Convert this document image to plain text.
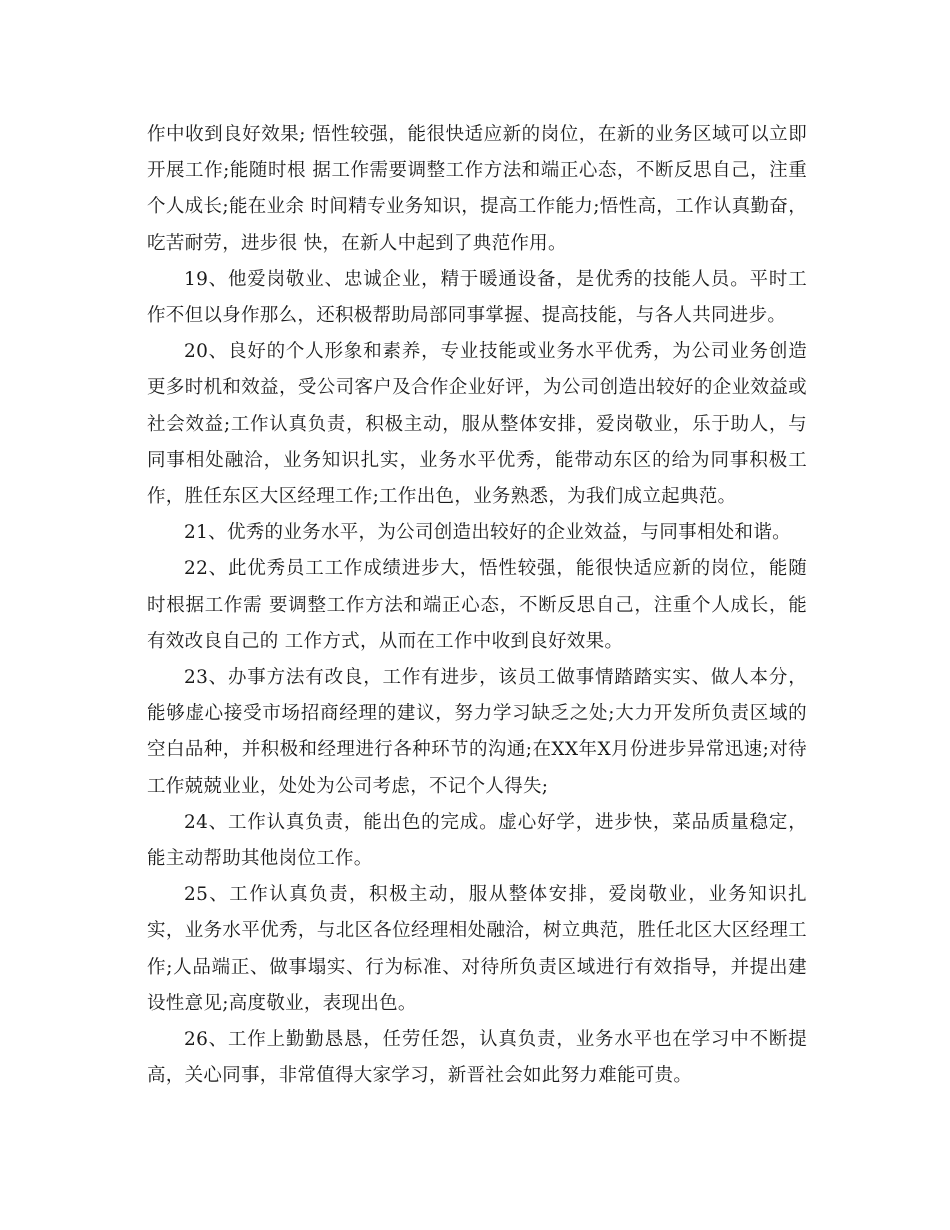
作中收到良好效果; 悟性较强，能很快适应新的岗位，在新的业务区域可以立即开展工作;能随时根 据工作需要调整工作方法和端正心态，不断反思自己，注重个人成长;能在业余 时间精专业务知识，提高工作能力;悟性高，工作认真勤奋，吃苦耐劳，进步很 快，在新人中起到了典范作用。

19、他爱岗敬业、忠诚企业，精于暖通设备，是优秀的技能人员。平时工作不但以身作那么，还积极帮助局部同事掌握、提高技能，与各人共同进步。

20、良好的个人形象和素养，专业技能或业务水平优秀，为公司业务创造更多时机和效益，受公司客户及合作企业好评，为公司创造出较好的企业效益或社会效益;工作认真负责，积极主动，服从整体安排，爱岗敬业，乐于助人，与同事相处融洽，业务知识扎实，业务水平优秀，能带动东区的给为同事积极工作，胜任东区大区经理工作;工作出色，业务熟悉，为我们成立起典范。

21、优秀的业务水平，为公司创造出较好的企业效益，与同事相处和谐。

22、此优秀员工工作成绩进步大，悟性较强，能很快适应新的岗位，能随时根据工作需 要调整工作方法和端正心态，不断反思自己，注重个人成长，能有效改良自己的 工作方式，从而在工作中收到良好效果。

23、办事方法有改良，工作有进步，该员工做事情踏踏实实、做人本分，能够虚心接受市场招商经理的建议，努力学习缺乏之处;大力开发所负责区域的空白品种，并积极和经理进行各种环节的沟通;在XX年X月份进步异常迅速;对待工作兢兢业业，处处为公司考虑，不记个人得失;

24、工作认真负责，能出色的完成。虚心好学，进步快，菜品质量稳定，能主动帮助其他岗位工作。

25、工作认真负责，积极主动，服从整体安排，爱岗敬业，业务知识扎实，业务水平优秀，与北区各位经理相处融洽，树立典范，胜任北区大区经理工作;人品端正、做事塌实、行为标准、对待所负责区域进行有效指导，并提出建设性意见;高度敬业，表现出色。

26、工作上勤勤恳恳，任劳任怨，认真负责，业务水平也在学习中不断提高，关心同事，非常值得大家学习，新晋社会如此努力难能可贵。
